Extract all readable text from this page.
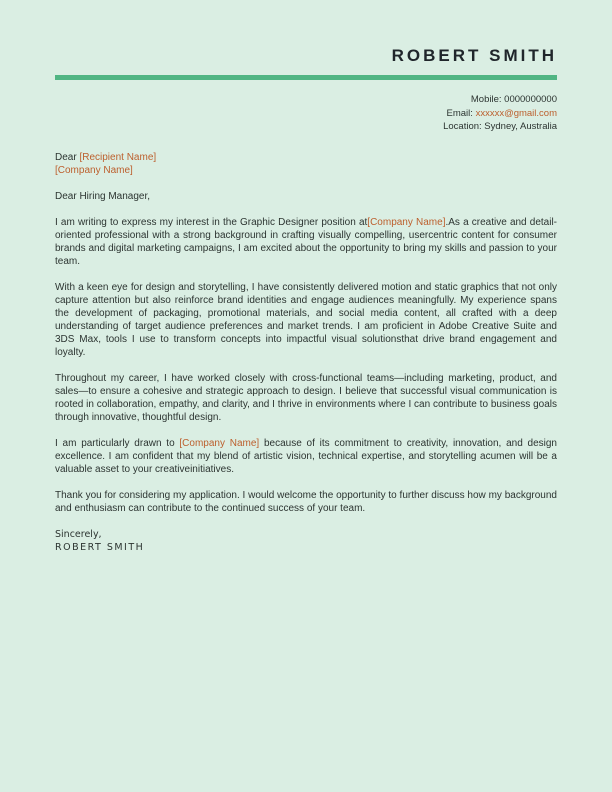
ROBERT SMITH
Mobile: 0000000000
Email: xxxxxx@gmail.com
Location: Sydney, Australia
Dear [Recipient Name]
[Company Name]
Dear Hiring Manager,

I am writing to express my interest in the Graphic Designer position at[Company Name].As a creative and detail-oriented professional with a strong background in crafting visually compelling, usercentric content for consumer brands and digital marketing campaigns, I am excited about the opportunity to bring my skills and passion to your team.

With a keen eye for design and storytelling, I have consistently delivered motion and static graphics that not only capture attention but also reinforce brand identities and engage audiences meaningfully. My experience spans the development of packaging, promotional materials, and social media content, all crafted with a deep understanding of target audience preferences and market trends. I am proficient in Adobe Creative Suite and 3DS Max, tools I use to transform concepts into impactful visual solutionsthat drive brand engagement and loyalty.

Throughout my career, I have worked closely with cross-functional teams—including marketing, product, and sales—to ensure a cohesive and strategic approach to design. I believe that successful visual communication is rooted in collaboration, empathy, and clarity, and I thrive in environments where I can contribute to business goals through innovative, thoughtful design.

I am particularly drawn to [Company Name] because of its commitment to creativity, innovation, and design excellence. I am confident that my blend of artistic vision, technical expertise, and storytelling acumen will be a valuable asset to your creativeinitiatives.

Thank you for considering my application. I would welcome the opportunity to further discuss how my background and enthusiasm can contribute to the continued success of your team.

Sincerely,
ROBERT SMITH
